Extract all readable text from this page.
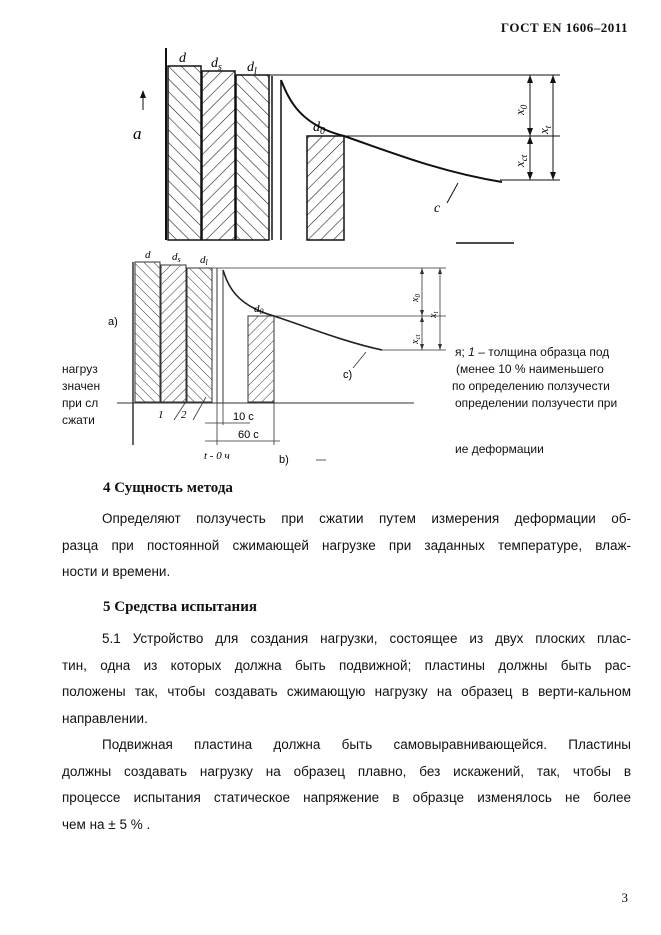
ГОСТ EN 1606–2011
a
d $d_s$ $d_l$
$d_0$
c
$x_0$
$x_{ct}$
$x_t$
a)
d ds dl
d0
c)
$x_0$
$x_{ct}$
$x_t$
1 2	10 с
60 с
t - 0 ч	b)
я; 1 – толщина образца под
нагруз	(менее 10 % наименьшего
значен	по определению ползучести
при сл	определении ползучести при
сжати
ие деформации
4 Сущность метода
Определяют ползучесть при сжатии путем измерения деформации об-
разца при постоянной сжимающей нагрузке при заданных температуре, влаж-
ности и времени.
5 Средства испытания
5.1 Устройство для создания нагрузки, состоящее из двух плоских плас-
тин, одна из которых должна быть подвижной; пластины должны быть рас-
положены так, чтобы создавать сжимающую нагрузку на образец в верти-кальном
направлении.
Подвижная пластина должна быть самовыравнивающейся. Пластины
должны создавать нагрузку на образец плавно, без искажений, так, чтобы в
процессе испытания статическое напряжение в образце изменялось не более
чем на ± 5 % .
3
